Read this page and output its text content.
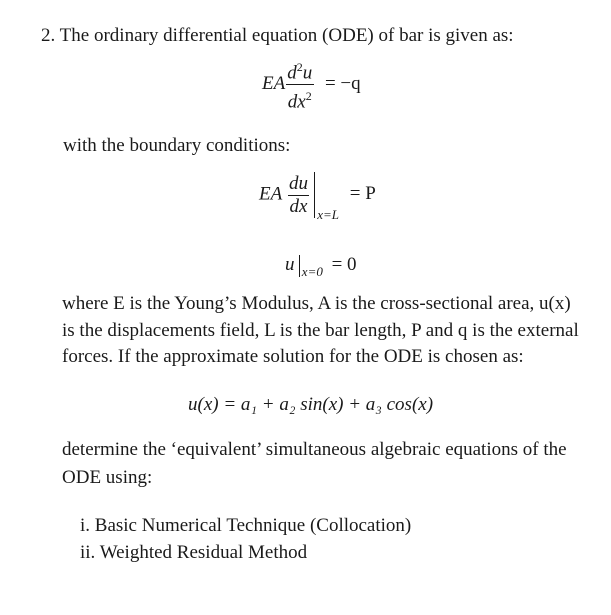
2. The ordinary differential equation (ODE) of bar is given as:
EA $\frac{d^2u}{dx^2} = -q$
with the boundary conditions:
EA $\frac{du}{dx} _{x=L} = P$
u $_{x=0}$ = 0
where E is the Young’s Modulus, A is the cross-sectional area, u(x)
is the displacements field, L is the bar length, P and q is the external
forces. If the approximate solution for the ODE is chosen as:
u(x) = a₁ + a₂ sin(x) + a₃ cos(x)
determine the ‘equivalent’ simultaneous algebraic equations of the
ODE using:
i. Basic Numerical Technique (Collocation)
ii. Weighted Residual Method
